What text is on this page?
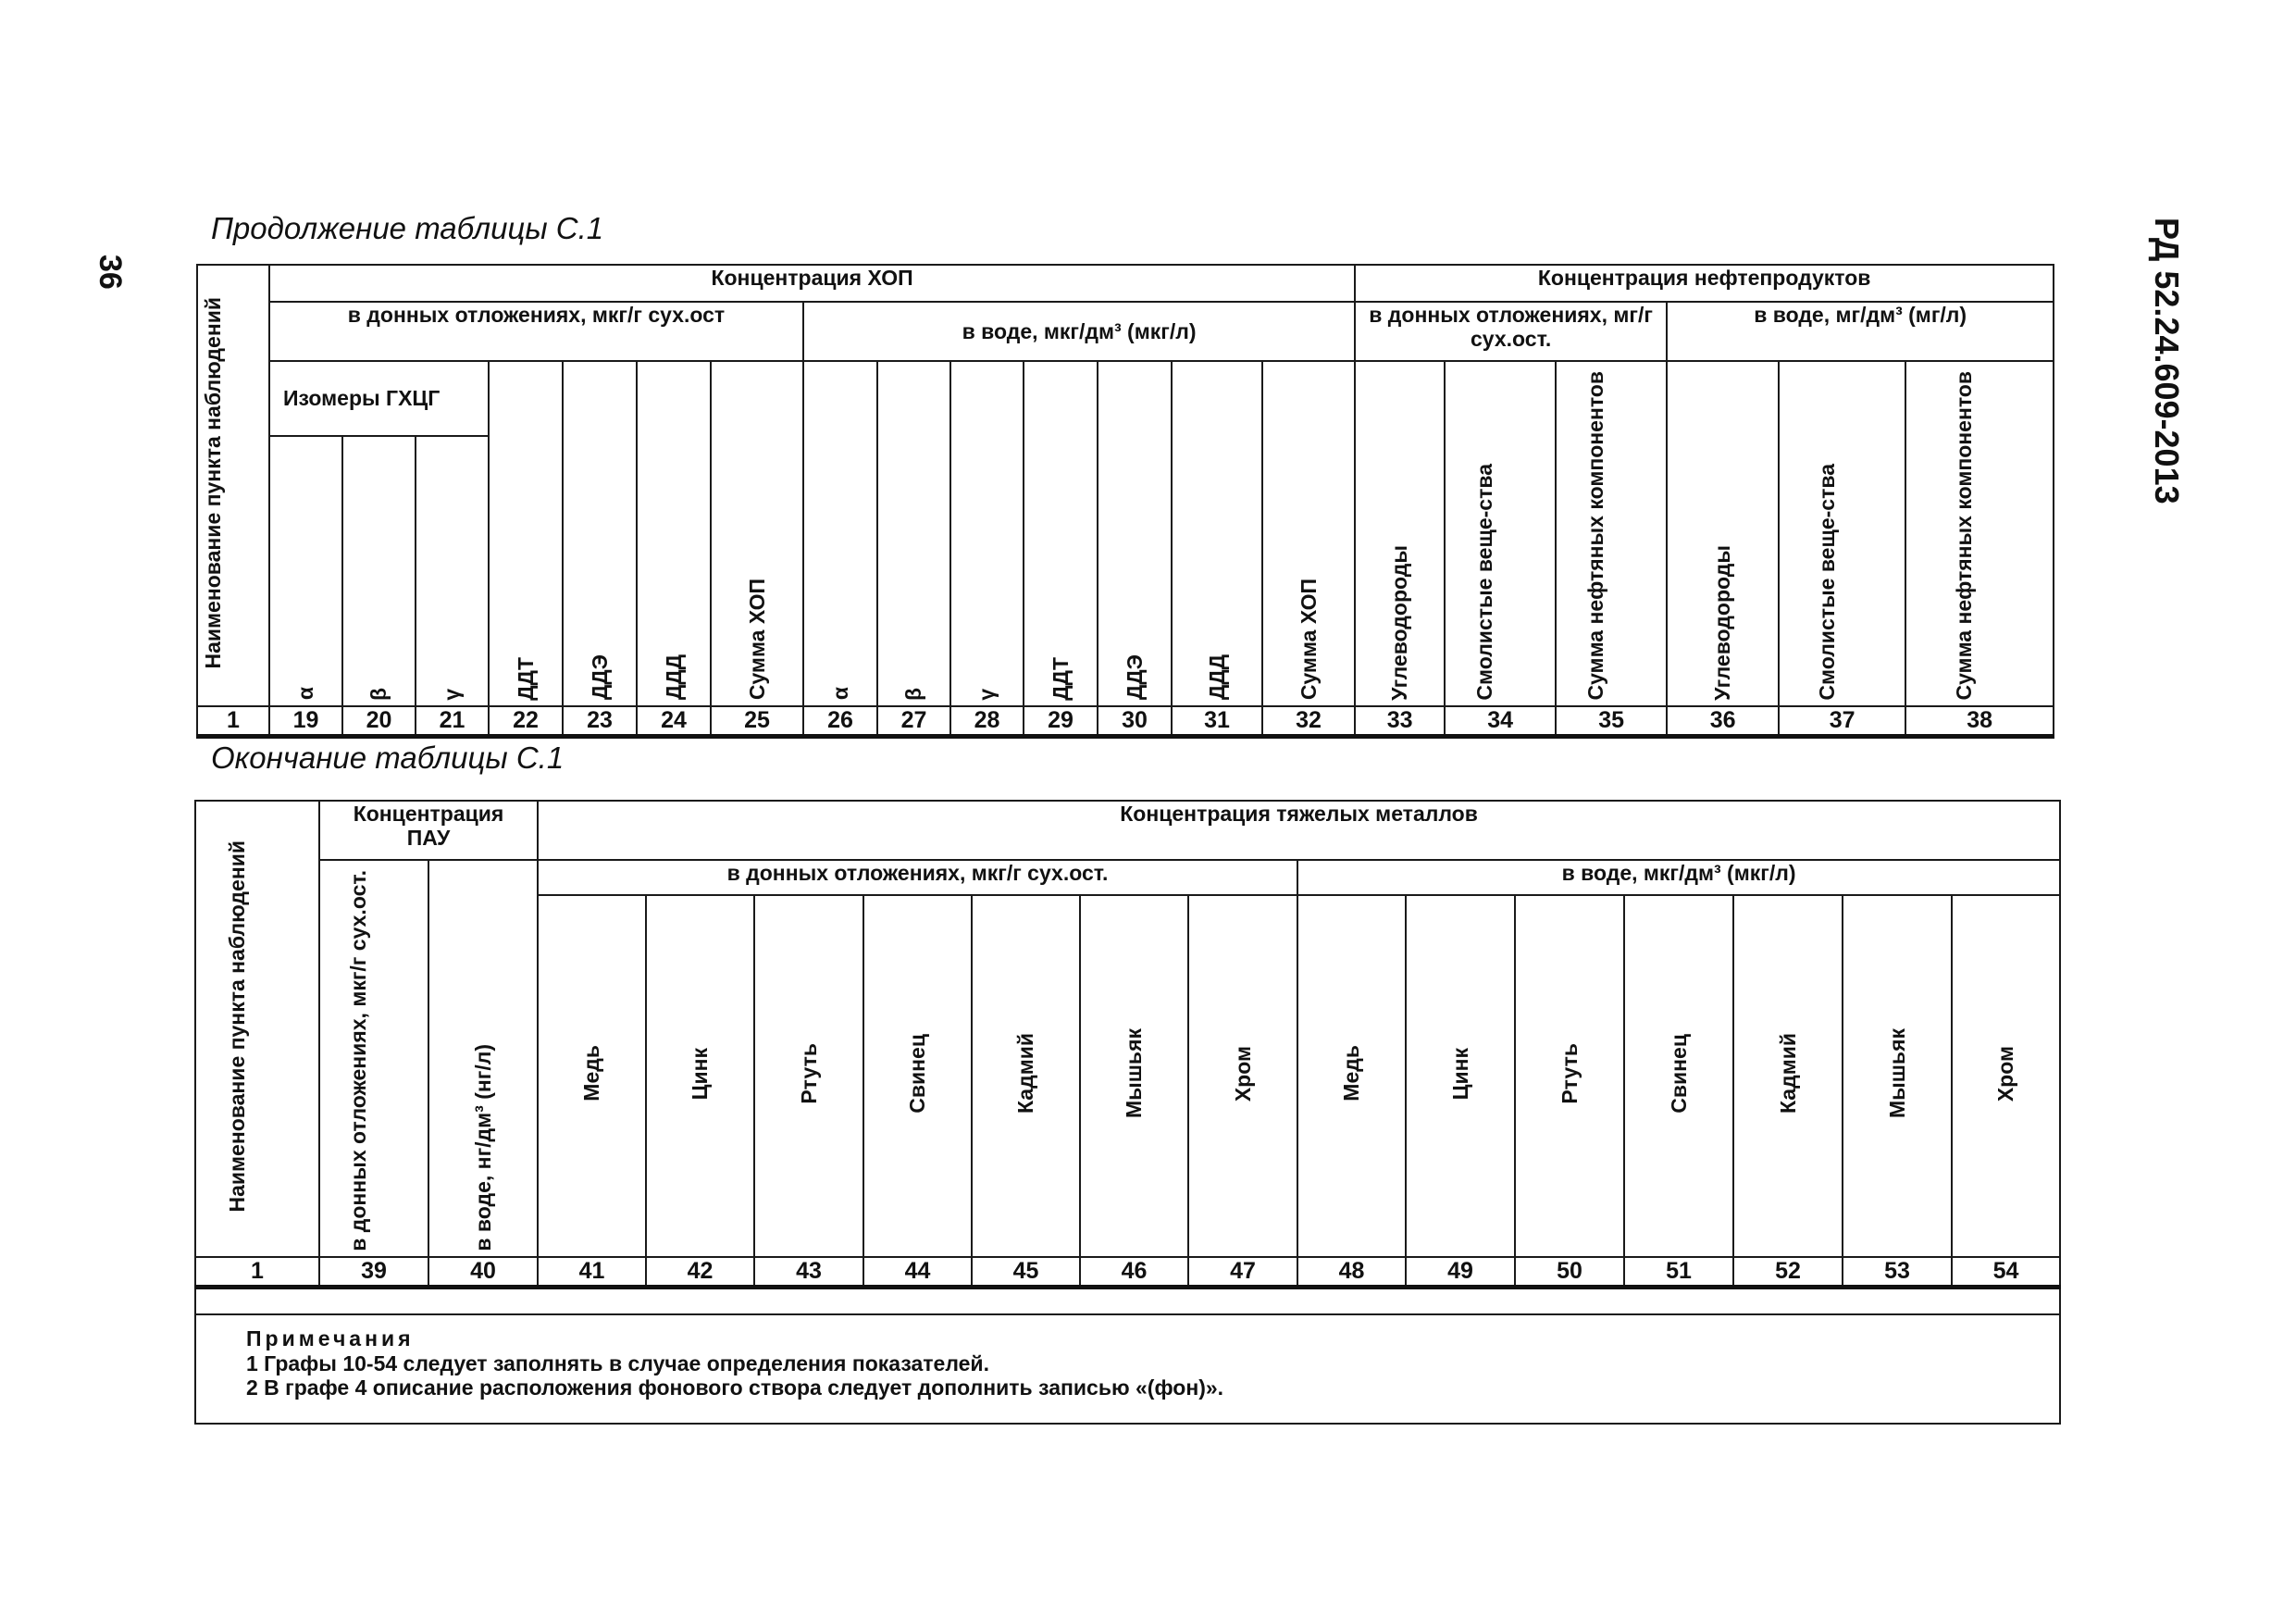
36	РД 52.24.609-2013
Продолжение таблицы С.1
Наименование пункта наблюдений	Концентрация ХОП														Концентрация нефтепродуктов					
	в донных отложениях, мкг/г сух.ост							в воде, мкг/дм³ (мкг/л)							в донных отложениях, мг/г сух.ост.			в воде, мг/дм³ (мг/л)		
	Изомеры ГХЦГ			ДДТ	ДДЭ	ДДД	Сумма ХОП	α	β	γ	ДДТ	ДДЭ	ДДД	Сумма ХОП	Углеводороды	Смолистые веще-ства	Сумма нефтяных компонентов	Углеводороды	Смолистые веще-ства	Сумма нефтяных компонентов
	α	β	γ																	
1	19	20	21	22	23	24	25	26	27	28	29	30	31	32	33	34	35	36	37	38
Окончание таблицы С.1
Наименование пункта наблюдений	Концентрация ПАУ		Концентрация тяжелых металлов													
	в донных отложениях, мкг/г сух.ост.	в воде, нг/дм³ (нг/л)	в донных отложениях, мкг/г сух.ост.							в воде, мкг/дм³ (мкг/л)						
			Медь	Цинк	Ртуть	Свинец	Кадмий	Мышьяк	Хром	Медь	Цинк	Ртуть	Свинец	Кадмий	Мышьяк	Хром
1	39	40	41	42	43	44	45	46	47	48	49	50	51	52	53	54

Примечания
1 Графы 10-54 следует заполнять в случае определения показателей.
2 В графе 4 описание расположения фонового створа следует дополнить записью «(фон)».																
